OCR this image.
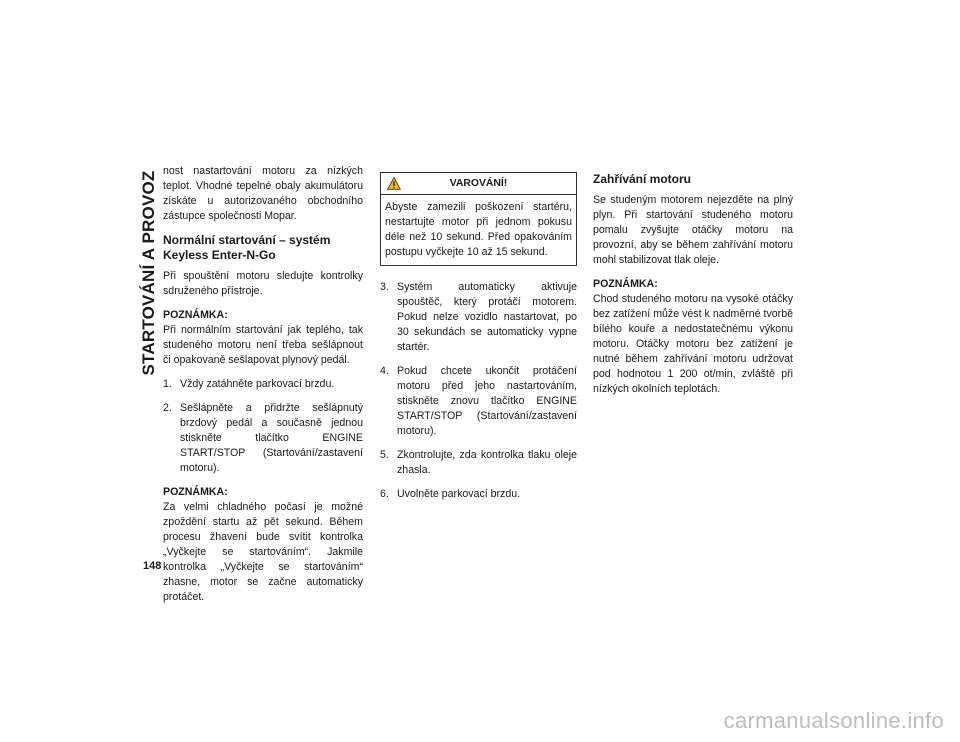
STARTOVÁNÍ A PROVOZ
148

nost nastartování motoru za nízkých teplot. Vhodné tepelné obaly akumulátoru získáte u autorizovaného obchodního zástupce společnosti Mopar.

Normální startování – systém Keyless Enter-N-Go

Při spouštění motoru sledujte kontrolky sdruženého přístroje.

POZNÁMKA:
Při normálním startování jak teplého, tak studeného motoru není třeba sešlápnout či opakovaně sešlapovat plynový pedál.

1. Vždy zatáhněte parkovací brzdu.
2. Sešlápněte a přidržte sešlápnutý brzdový pedál a současně jednou stiskněte tlačítko ENGINE START/STOP (Startování/zastavení motoru).

POZNÁMKA:
Za velmi chladného počasí je možné zpoždění startu až pět sekund. Během procesu žhavení bude svítit kontrolka „Vyčkejte se startováním“. Jakmile kontrolka „Vyčkejte se startováním“ zhasne, motor se začne automaticky protáčet.

VAROVÁNÍ!
Abyste zamezili poškození startéru, nestartujte motor při jednom pokusu déle než 10 sekund. Před opakováním postupu vyčkejte 10 až 15 sekund.
3. Systém automaticky aktivuje spouštěč, který protáčí motorem. Pokud nelze vozidlo nastartovat, po 30 sekundách se automaticky vypne startér.
4. Pokud chcete ukončit protáčení motoru před jeho nastartováním, stiskněte znovu tlačítko ENGINE START/STOP (Startování/zastavení motoru).
5. Zkontrolujte, zda kontrolka tlaku oleje zhasla.
6. Uvolněte parkovací brzdu.
Zahřívání motoru

Se studeným motorem nejezděte na plný plyn. Při startování studeného motoru pomalu zvyšujte otáčky motoru na provozní, aby se během zahřívání motoru mohl stabilizovat tlak oleje.

POZNÁMKA:
Chod studeného motoru na vysoké otáčky bez zatížení může vést k nadměrné tvorbě bílého kouře a nedostatečnému výkonu motoru. Otáčky motoru bez zatížení je nutné během zahřívání motoru udržovat pod hodnotou 1 200 ot/min, zvláště při nízkých okolních teplotách.

carmanualsonline.info
